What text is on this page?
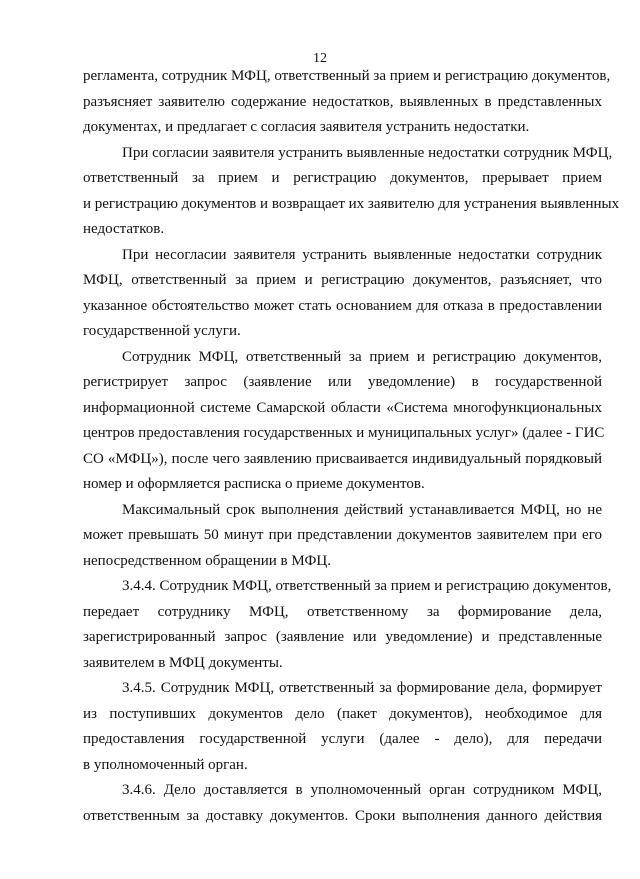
12
регламента, сотрудник МФЦ, ответственный за прием и регистрацию документов,
разъясняет заявителю содержание недостатков, выявленных в представленных
документах, и предлагает с согласия заявителя устранить недостатки.
При согласии заявителя устранить выявленные недостатки сотрудник МФЦ,
ответственный за прием и регистрацию документов, прерывает прием
и регистрацию документов и возвращает их заявителю для устранения выявленных
недостатков.
При несогласии заявителя устранить выявленные недостатки сотрудник
МФЦ, ответственный за прием и регистрацию документов, разъясняет, что
указанное обстоятельство может стать основанием для отказа в предоставлении
государственной услуги.
Сотрудник МФЦ, ответственный за прием и регистрацию документов,
регистрирует запрос (заявление или уведомление) в государственной
информационной системе Самарской области «Система многофункциональных
центров предоставления государственных и муниципальных услуг» (далее - ГИС
СО «МФЦ»), после чего заявлению присваивается индивидуальный порядковый
номер и оформляется расписка о приеме документов.
Максимальный срок выполнения действий устанавливается МФЦ, но не
может превышать 50 минут при представлении документов заявителем при его
непосредственном обращении в МФЦ.
3.4.4. Сотрудник МФЦ, ответственный за прием и регистрацию документов,
передает сотруднику МФЦ, ответственному за формирование дела,
зарегистрированный запрос (заявление или уведомление) и представленные
заявителем в МФЦ документы.
3.4.5. Сотрудник МФЦ, ответственный за формирование дела, формирует
из поступивших документов дело (пакет документов), необходимое для
предоставления государственной услуги (далее - дело), для передачи
в уполномоченный орган.
3.4.6. Дело доставляется в уполномоченный орган сотрудником МФЦ,
ответственным за доставку документов. Сроки выполнения данного действия
